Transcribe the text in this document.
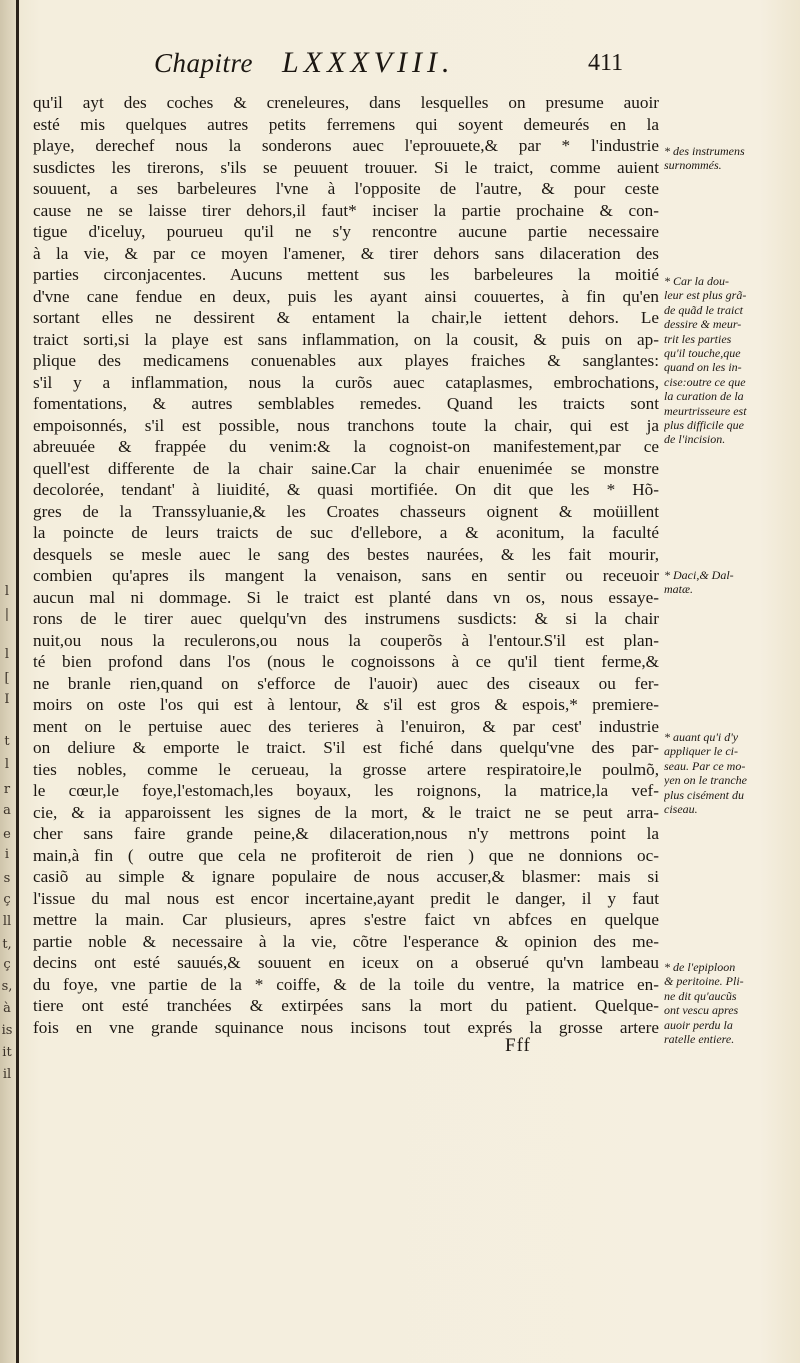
l
|
l
[
I
t
l
r
a
e
i
s
ç
ll
t,
ç
s,
à
is
it
il
Chapitre LXXXVIII.	411
qu'il ayt des coches & creneleures, dans lesquelles on presume auoir
esté mis quelques autres petits ferremens qui soyent demeurés en la
playe, derechef nous la sonderons auec l'eprouuete,& par * l'industrie
susdictes les tirerons, s'ils se peuuent trouuer. Si le traict, comme auient
souuent, a ses barbeleures l'vne à l'opposite de l'autre, & pour ceste
cause ne se laisse tirer dehors,il faut* inciser la partie prochaine & con-
tigue d'iceluy, pourueu qu'il ne s'y rencontre aucune partie necessaire
à la vie, & par ce moyen l'amener, & tirer dehors sans dilaceration des
parties circonjacentes. Aucuns mettent sus les barbeleures la moitié
d'vne cane fendue en deux, puis les ayant ainsi couuertes, à fin qu'en
sortant elles ne dessirent & entament la chair,le iettent dehors. Le
traict sorti,si la playe est sans inflammation, on la cousit, & puis on ap-
plique des medicamens conuenables aux playes fraiches & sanglantes:
s'il y a inflammation, nous la curõs auec cataplasmes, embrochations,
fomentations, & autres semblables remedes. Quand les traicts sont
empoisonnés, s'il est possible, nous tranchons toute la chair, qui est ja
abreuuée & frappée du venim:& la cognoist-on manifestement,par ce
quell'est differente de la chair saine.Car la chair enuenimée se monstre
decolorée, tendant' à liuidité, & quasi mortifiée. On dit que les * Hõ-
gres de la Transsyluanie,& les Croates chasseurs oignent & moüillent
la poincte de leurs traicts de suc d'ellebore, a & aconitum, la faculté
desquels se mesle auec le sang des bestes naurées, & les fait mourir,
combien qu'apres ils mangent la venaison, sans en sentir ou receuoir
aucun mal ni dommage. Si le traict est planté dans vn os, nous essaye-
rons de le tirer auec quelqu'vn des instrumens susdicts: & si la chair
nuit,ou nous la reculerons,ou nous la couperõs à l'entour.S'il est plan-
té bien profond dans l'os (nous le cognoissons à ce qu'il tient ferme,&
ne branle rien,quand on s'efforce de l'auoir) auec des ciseaux ou fer-
moirs on oste l'os qui est à lentour, & s'il est gros & espois,* premiere-
ment on le pertuise auec des terieres à l'enuiron, & par cest' industrie
on deliure & emporte le traict. S'il est fiché dans quelqu'vne des par-
ties nobles, comme le cerueau, la grosse artere respiratoire,le poulmõ,
le cœur,le foye,l'estomach,les boyaux, les roignons, la matrice,la vef-
cie, & ia apparoissent les signes de la mort, & le traict ne se peut arra-
cher sans faire grande peine,& dilaceration,nous n'y mettrons point la
main,à fin ( outre que cela ne profiteroit de rien ) que ne donnions oc-
casiõ au simple & ignare populaire de nous accuser,& blasmer: mais si
l'issue du mal nous est encor incertaine,ayant predit le danger, il y faut
mettre la main. Car plusieurs, apres s'estre faict vn abfces en quelque
partie noble & necessaire à la vie, cõtre l'esperance & opinion des me-
decins ont esté sauués,& souuent en iceux on a obserué qu'vn lambeau
du foye, vne partie de la * coiffe, & de la toile du ventre, la matrice en-
tiere ont esté tranchées & extirpées sans la mort du patient. Quelque-
fois en vne grande squinance nous incisons tout exprés la grosse artere
* des instrumens
surnommés.
* Car la dou-
leur est plus grã-
de quãd le traict
dessire & meur-
trit les parties
qu'il touche,que
quand on les in-
cise:outre ce que
la curation de la
meurtrisseure est
plus difficile que
de l'incision.
* Daci,& Dal-
matæ.
* auant qu'i d'y
appliquer le ci-
seau. Par ce mo-
yen on le tranche
plus cisément du
ciseau.
* de l'epiploon
& peritoine. Pli-
ne dit qu'aucũs
ont vescu apres
auoir perdu la
ratelle entiere.
Fff
